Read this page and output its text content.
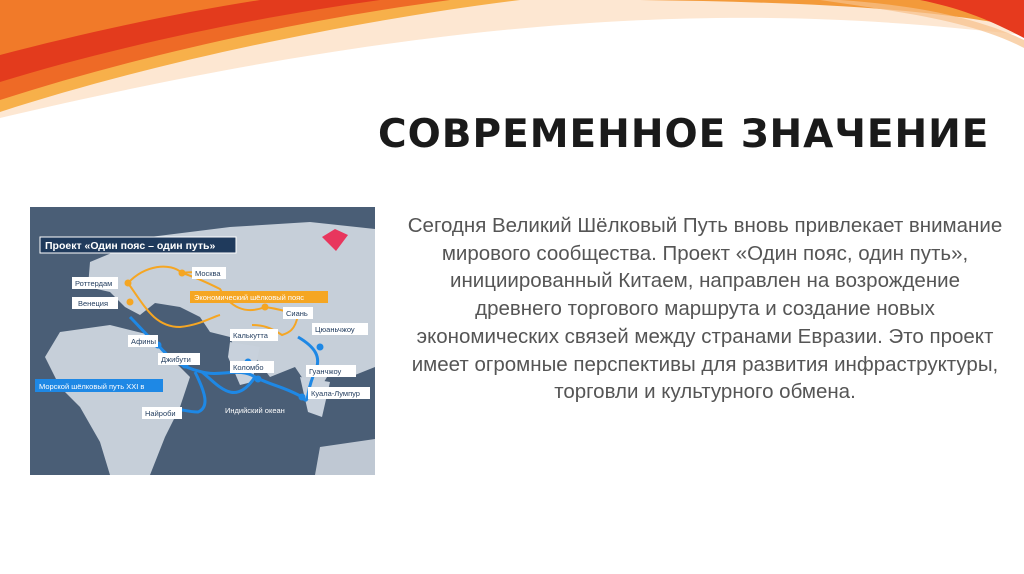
СОВРЕМЕННОЕ ЗНАЧЕНИЕ
Проект «Один пояс – один путь»
Роттердам
Венеция
Москва
Афины
Джибути
Найроби
Калькутта
Коломбо
Сиань
Цюаньчжоу
Гуанчжоу
Куала-Лумпур
Экономический шёлковый пояс
Морской шёлковый путь XXI в
Индийский океан

Сегодня Великий Шёлковый Путь вновь привлекает внимание мирового сообщества. Проект «Один пояс, один путь», инициированный Китаем, направлен на возрождение древнего торгового маршрута и создание новых экономических связей между странами Евразии. Это проект имеет огромные перспективы для развития инфраструктуры, торговли и культурного обмена.
